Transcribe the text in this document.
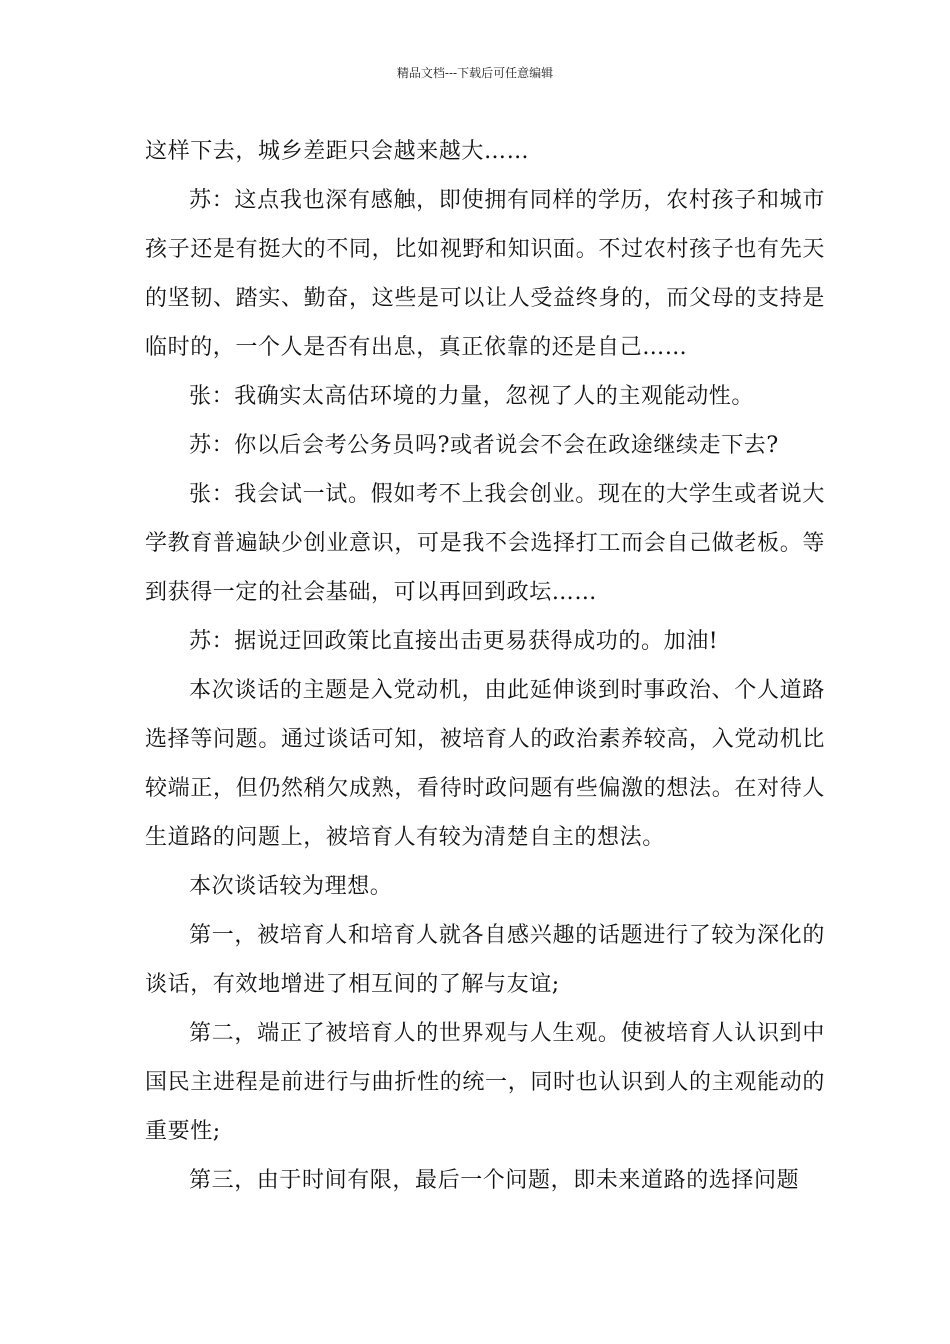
精品文档---下载后可任意编辑

这样下去，城乡差距只会越来越大……

苏：这点我也深有感触，即使拥有同样的学历，农村孩子和城市孩子还是有挺大的不同，比如视野和知识面。不过农村孩子也有先天的坚韧、踏实、勤奋，这些是可以让人受益终身的，而父母的支持是临时的，一个人是否有出息，真正依靠的还是自己……

张：我确实太高估环境的力量，忽视了人的主观能动性。

苏：你以后会考公务员吗?或者说会不会在政途继续走下去?

张：我会试一试。假如考不上我会创业。现在的大学生或者说大学教育普遍缺少创业意识，可是我不会选择打工而会自己做老板。等到获得一定的社会基础，可以再回到政坛……

苏：据说迂回政策比直接出击更易获得成功的。加油!

本次谈话的主题是入党动机，由此延伸谈到时事政治、个人道路选择等问题。通过谈话可知，被培育人的政治素养较高，入党动机比较端正，但仍然稍欠成熟，看待时政问题有些偏激的想法。在对待人生道路的问题上，被培育人有较为清楚自主的想法。

本次谈话较为理想。

第一，被培育人和培育人就各自感兴趣的话题进行了较为深化的谈话，有效地增进了相互间的了解与友谊;

第二，端正了被培育人的世界观与人生观。使被培育人认识到中国民主进程是前进行与曲折性的统一，同时也认识到人的主观能动的重要性;

第三，由于时间有限，最后一个问题，即未来道路的选择问题
